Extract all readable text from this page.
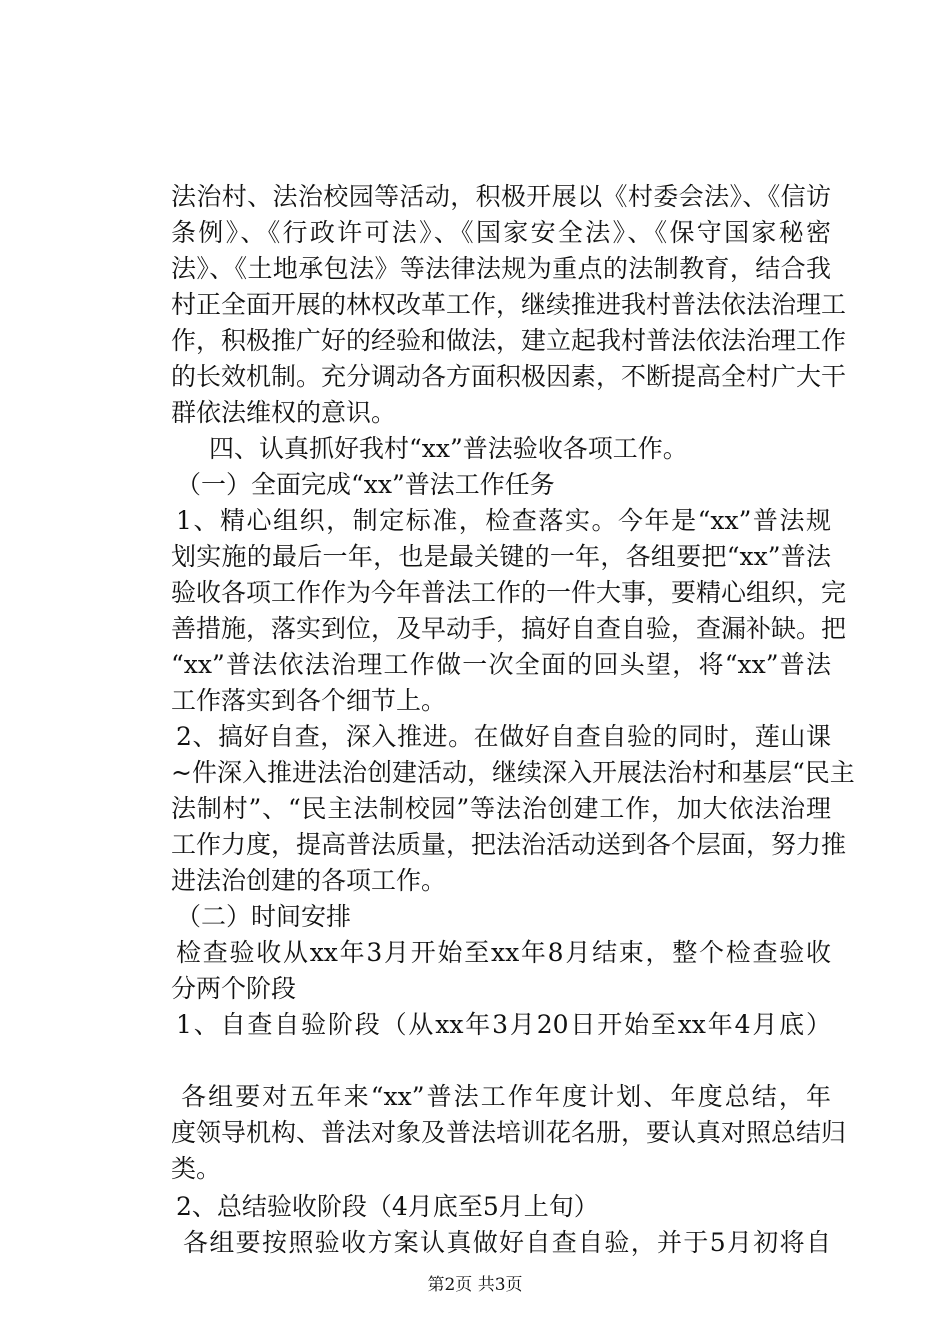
法治村、法治校园等活动，积极开展以《村委会法》、《信访
条例》、《行政许可法》、《国家安全法》、《保守国家秘密
法》、《土地承包法》等法律法规为重点的法制教育，结合我
村正全面开展的林权改革工作，继续推进我村普法依法治理工
作，积极推广好的经验和做法，建立起我村普法依法治理工作
的长效机制。充分调动各方面积极因素，不断提高全村广大干
群依法维权的意识。
四、认真抓好我村“xx”普法验收各项工作。
（一）全面完成“xx”普法工作任务
1、精心组织，制定标准，检查落实。今年是“xx”普法规
划实施的最后一年，也是最关键的一年，各组要把“xx”普法
验收各项工作作为今年普法工作的一件大事，要精心组织，完
善措施，落实到位，及早动手，搞好自查自验，查漏补缺。把
“xx”普法依法治理工作做一次全面的回头望，将“xx”普法
工作落实到各个细节上。
2、搞好自查，深入推进。在做好自查自验的同时，莲山课
~件深入推进法治创建活动，继续深入开展法治村和基层“民主
法制村”、“民主法制校园”等法治创建工作，加大依法治理
工作力度，提高普法质量，把法治活动送到各个层面，努力推
进法治创建的各项工作。
（二）时间安排
检查验收从xx年3月开始至xx年8月结束，整个检查验收
分两个阶段
1、自查自验阶段（从xx年3月20日开始至xx年4月底）
各组要对五年来“xx”普法工作年度计划、年度总结，年
度领导机构、普法对象及普法培训花名册，要认真对照总结归
类。
2、总结验收阶段（4月底至5月上旬）
各组要按照验收方案认真做好自查自验，并于5月初将自
第2页 共3页
